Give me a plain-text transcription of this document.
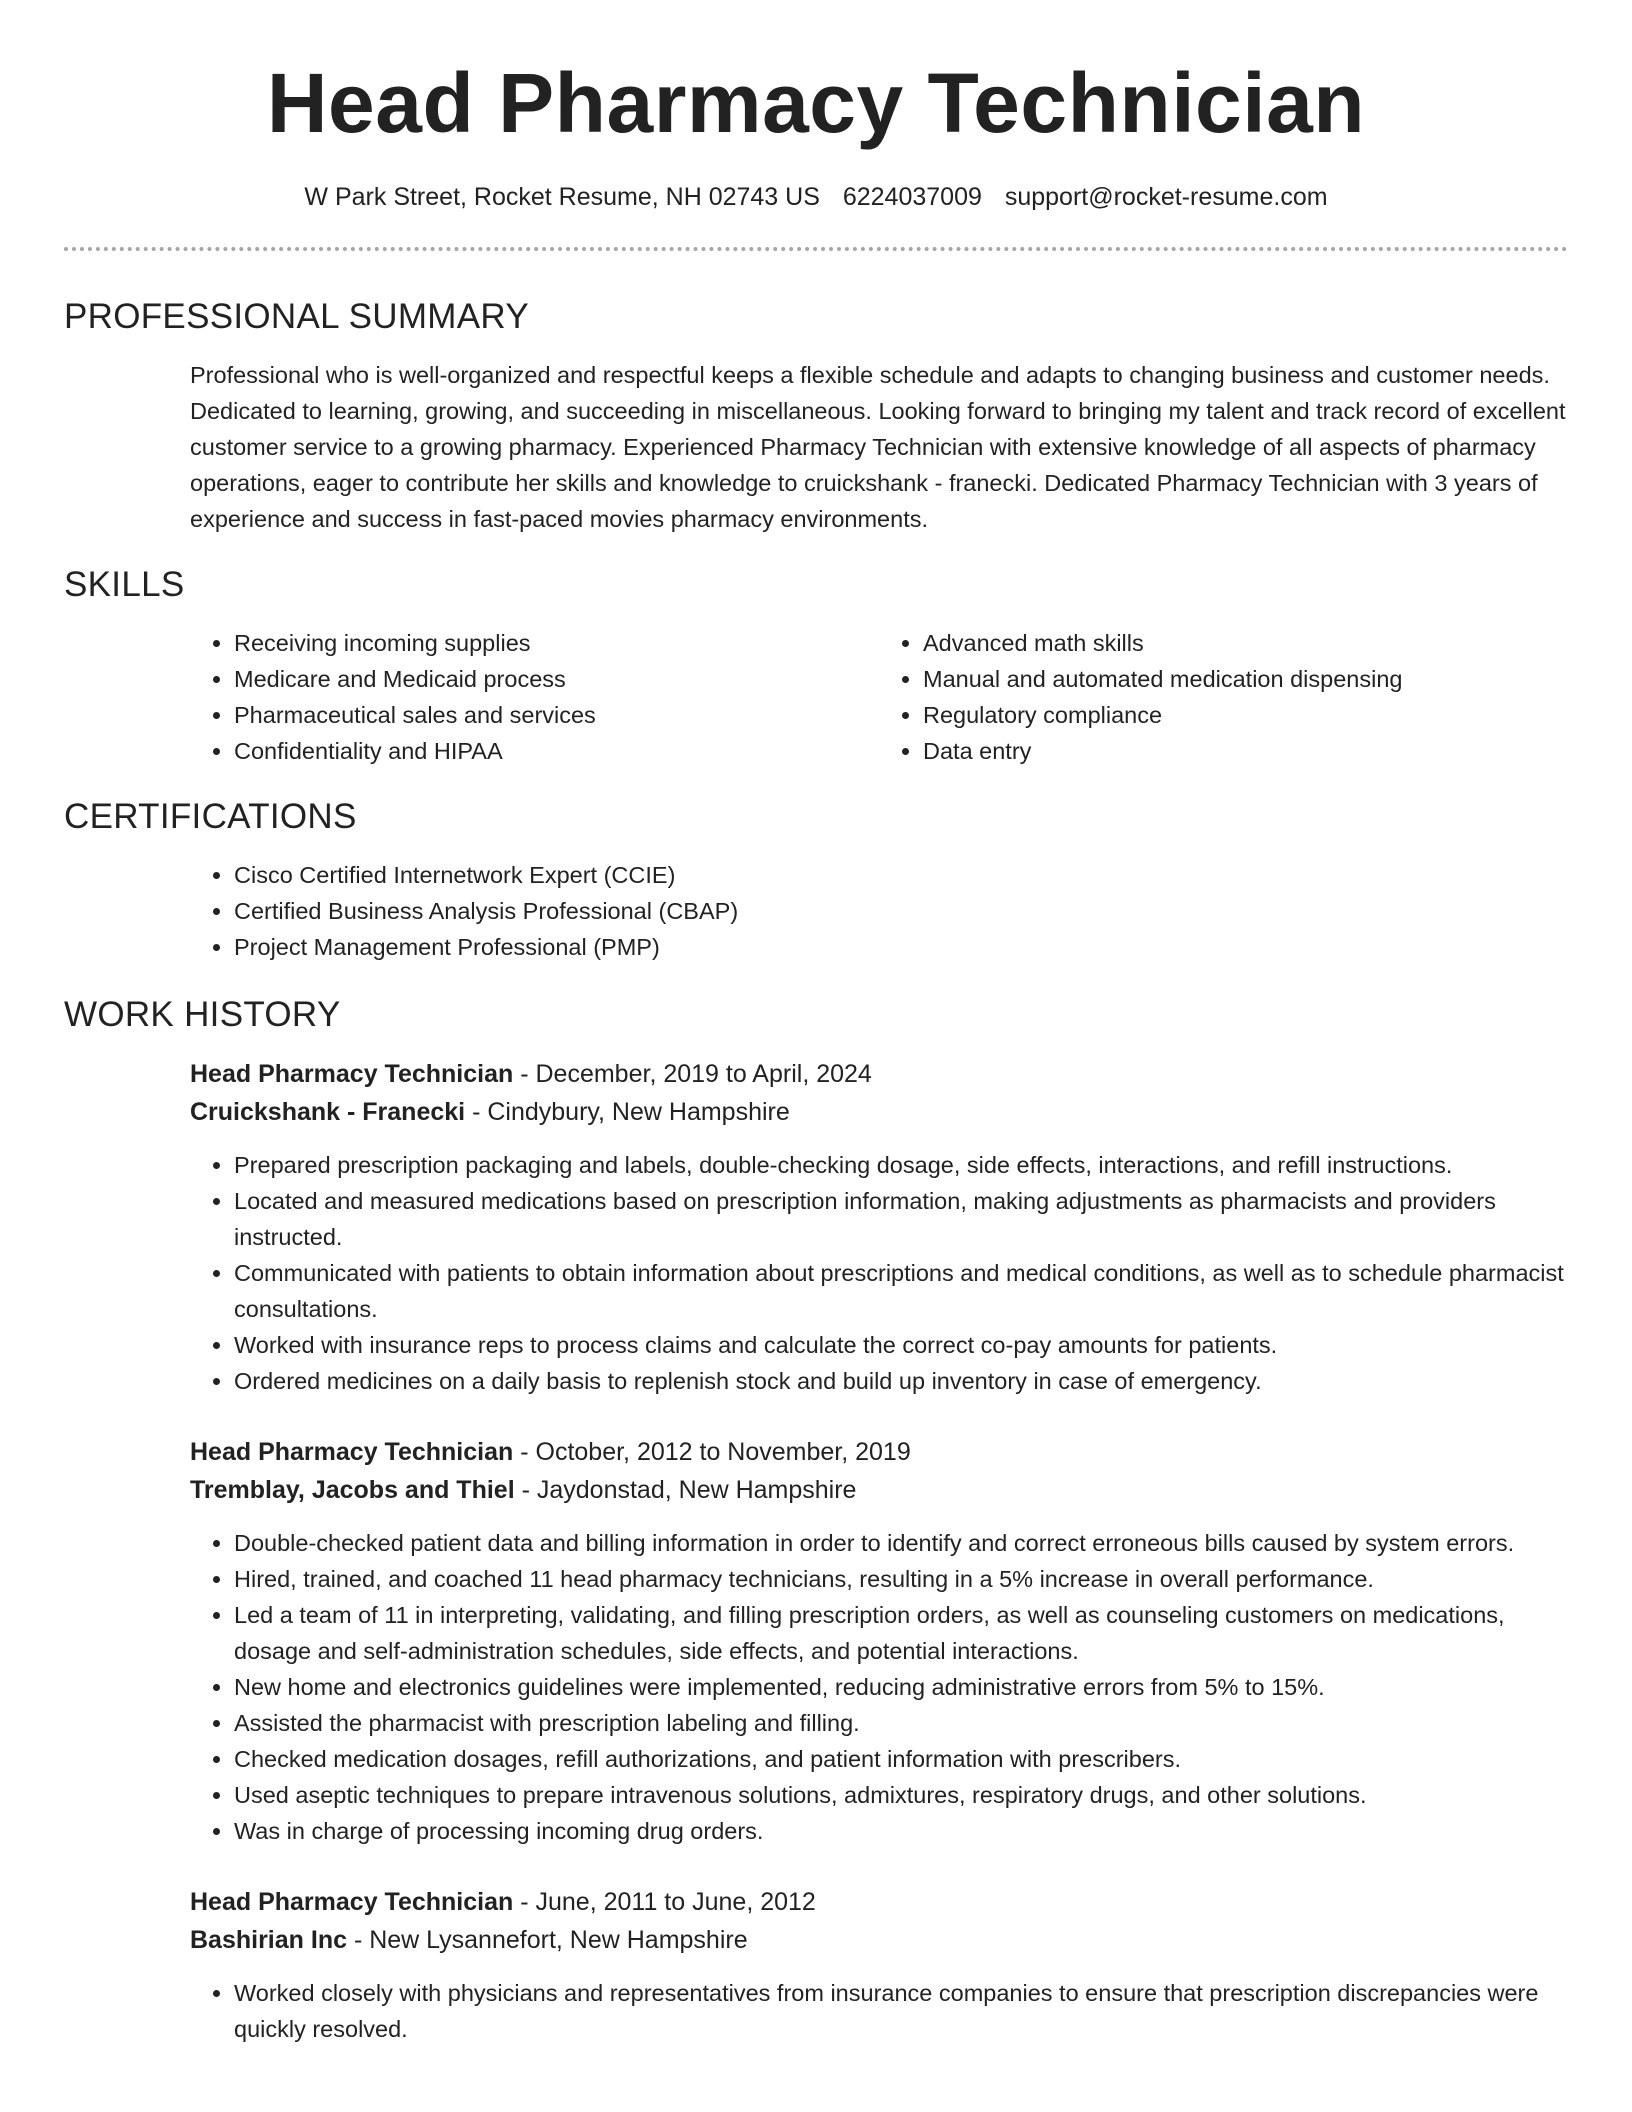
Head Pharmacy Technician
W Park Street, Rocket Resume, NH 02743 US 6224037009 support@rocket-resume.com
PROFESSIONAL SUMMARY
Professional who is well-organized and respectful keeps a flexible schedule and adapts to changing business and customer needs. Dedicated to learning, growing, and succeeding in miscellaneous. Looking forward to bringing my talent and track record of excellent customer service to a growing pharmacy. Experienced Pharmacy Technician with extensive knowledge of all aspects of pharmacy operations, eager to contribute her skills and knowledge to cruickshank - franecki. Dedicated Pharmacy Technician with 3 years of experience and success in fast-paced movies pharmacy environments.
SKILLS
• Receiving incoming supplies
• Medicare and Medicaid process
• Pharmaceutical sales and services
• Confidentiality and HIPAA
• Advanced math skills
• Manual and automated medication dispensing
• Regulatory compliance
• Data entry
CERTIFICATIONS
• Cisco Certified Internetwork Expert (CCIE)
• Certified Business Analysis Professional (CBAP)
• Project Management Professional (PMP)
WORK HISTORY
Head Pharmacy Technician - December, 2019 to April, 2024
Cruickshank - Franecki - Cindybury, New Hampshire
• Prepared prescription packaging and labels, double-checking dosage, side effects, interactions, and refill instructions.
• Located and measured medications based on prescription information, making adjustments as pharmacists and providers instructed.
• Communicated with patients to obtain information about prescriptions and medical conditions, as well as to schedule pharmacist consultations.
• Worked with insurance reps to process claims and calculate the correct co-pay amounts for patients.
• Ordered medicines on a daily basis to replenish stock and build up inventory in case of emergency.
Head Pharmacy Technician - October, 2012 to November, 2019
Tremblay, Jacobs and Thiel - Jaydonstad, New Hampshire
• Double-checked patient data and billing information in order to identify and correct erroneous bills caused by system errors.
• Hired, trained, and coached 11 head pharmacy technicians, resulting in a 5% increase in overall performance.
• Led a team of 11 in interpreting, validating, and filling prescription orders, as well as counseling customers on medications, dosage and self-administration schedules, side effects, and potential interactions.
• New home and electronics guidelines were implemented, reducing administrative errors from 5% to 15%.
• Assisted the pharmacist with prescription labeling and filling.
• Checked medication dosages, refill authorizations, and patient information with prescribers.
• Used aseptic techniques to prepare intravenous solutions, admixtures, respiratory drugs, and other solutions.
• Was in charge of processing incoming drug orders.
Head Pharmacy Technician - June, 2011 to June, 2012
Bashirian Inc - New Lysannefort, New Hampshire
• Worked closely with physicians and representatives from insurance companies to ensure that prescription discrepancies were quickly resolved.
